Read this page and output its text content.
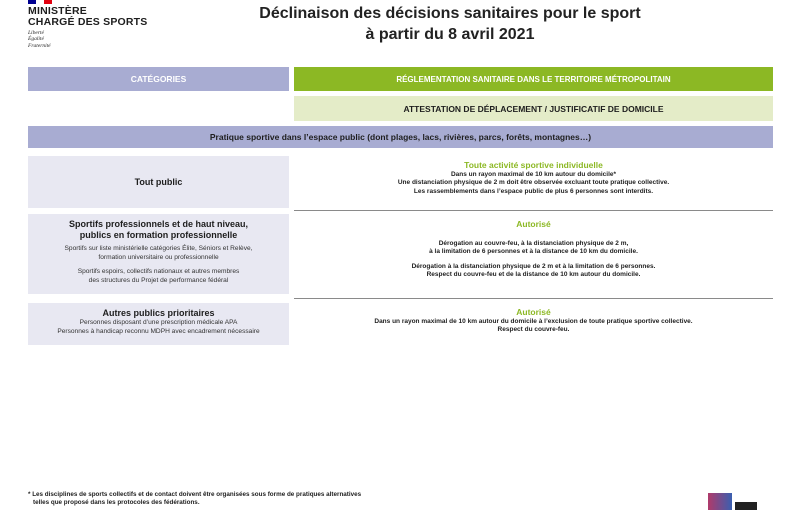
MINISTÈRE
CHARGÉ DES SPORTS
Liberté
Égalité
Fraternité
Déclinaison des décisions sanitaires pour le sport
à partir du 8 avril 2021
CATÉGORIES	RÉGLEMENTATION SANITAIRE DANS LE TERRITOIRE MÉTROPOLITAIN
ATTESTATION DE DÉPLACEMENT / JUSTIFICATIF DE DOMICILE
Pratique sportive dans l’espace public (dont plages, lacs, rivières, parcs, forêts, montagnes…)
Tout public
Toute activité sportive individuelle
Dans un rayon maximal de 10 km autour du domicile*
Une distanciation physique de 2 m doit être observée excluant toute pratique collective.
Les rassemblements dans l’espace public de plus 6 personnes sont interdits.
Sportifs professionnels et de haut niveau,
publics en formation professionnelle
Sportifs sur liste ministérielle catégories Élite, Séniors et Relève,
formation universitaire ou professionnelle
Sportifs espoirs, collectifs nationaux et autres membres
des structures du Projet de performance fédéral
Autorisé
Dérogation au couvre-feu, à la distanciation physique de 2 m,
à la limitation de 6 personnes et à la distance de 10 km du domicile.
Dérogation à la distanciation physique de 2 m et à la limitation de 6 personnes.
Respect du couvre-feu et de la distance de 10 km autour du domicile.
Autres publics prioritaires
Personnes disposant d’une prescription médicale APA
Personnes à handicap reconnu MDPH avec encadrement nécessaire
Autorisé
Dans un rayon maximal de 10 km autour du domicile à l’exclusion de toute pratique sportive collective.
Respect du couvre-feu.
* Les disciplines de sports collectifs et de contact doivent être organisées sous forme de pratiques alternatives
telles que proposé dans les protocoles des fédérations.
